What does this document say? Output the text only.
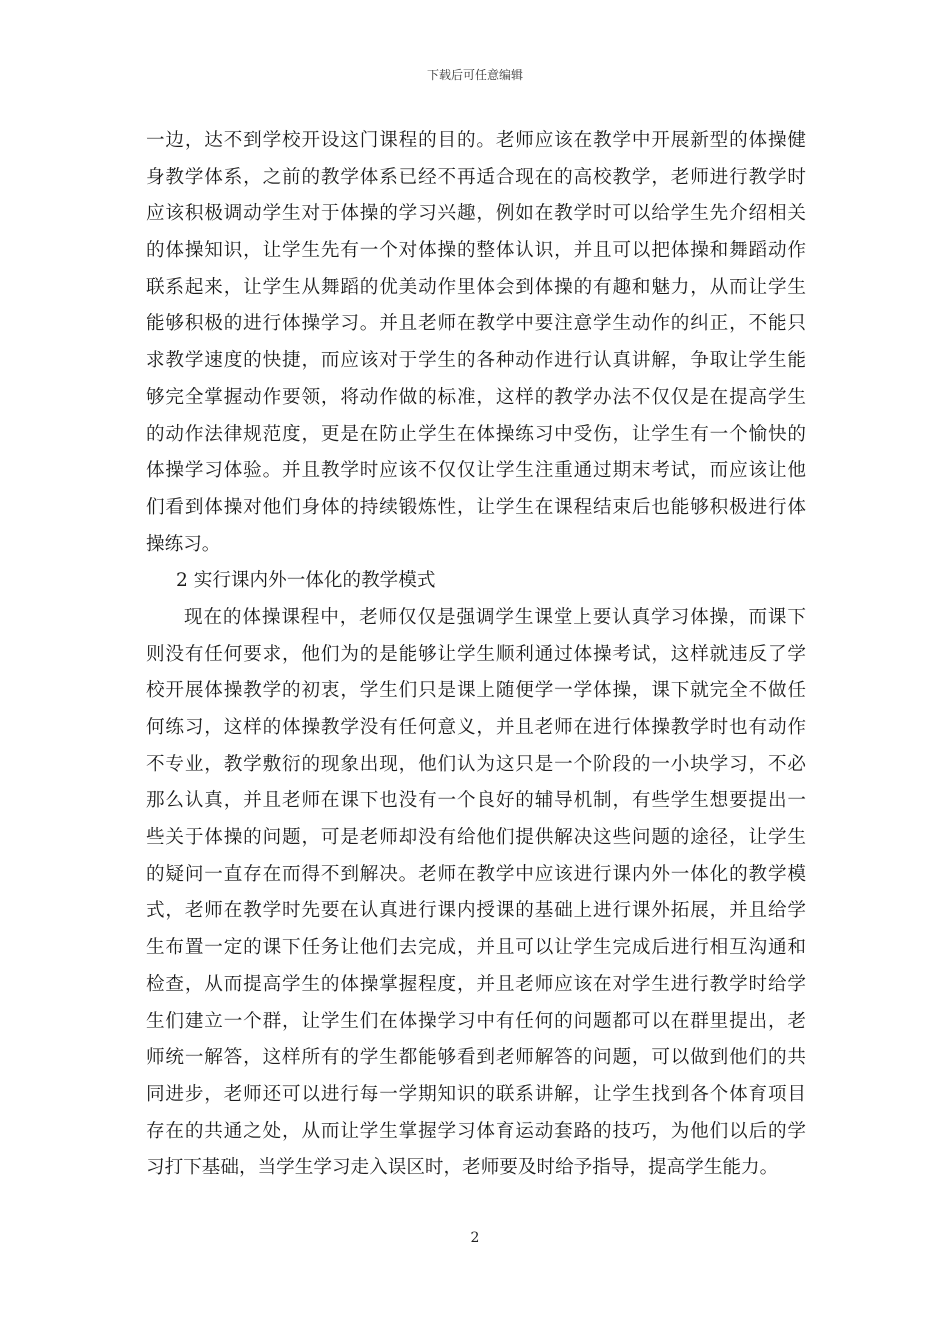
下载后可任意编辑
一边，达不到学校开设这门课程的目的。老师应该在教学中开展新型的体操健
身教学体系，之前的教学体系已经不再适合现在的高校教学，老师进行教学时
应该积极调动学生对于体操的学习兴趣，例如在教学时可以给学生先介绍相关
的体操知识，让学生先有一个对体操的整体认识，并且可以把体操和舞蹈动作
联系起来，让学生从舞蹈的优美动作里体会到体操的有趣和魅力，从而让学生
能够积极的进行体操学习。并且老师在教学中要注意学生动作的纠正，不能只
求教学速度的快捷，而应该对于学生的各种动作进行认真讲解，争取让学生能
够完全掌握动作要领，将动作做的标准，这样的教学办法不仅仅是在提高学生
的动作法律规范度，更是在防止学生在体操练习中受伤，让学生有一个愉快的
体操学习体验。并且教学时应该不仅仅让学生注重通过期末考试，而应该让他
们看到体操对他们身体的持续锻炼性，让学生在课程结束后也能够积极进行体
操练习。
2 实行课内外一体化的教学模式
现在的体操课程中，老师仅仅是强调学生课堂上要认真学习体操，而课下
则没有任何要求，他们为的是能够让学生顺利通过体操考试，这样就违反了学
校开展体操教学的初衷，学生们只是课上随便学一学体操，课下就完全不做任
何练习，这样的体操教学没有任何意义，并且老师在进行体操教学时也有动作
不专业，教学敷衍的现象出现，他们认为这只是一个阶段的一小块学习，不必
那么认真，并且老师在课下也没有一个良好的辅导机制，有些学生想要提出一
些关于体操的问题，可是老师却没有给他们提供解决这些问题的途径，让学生
的疑问一直存在而得不到解决。老师在教学中应该进行课内外一体化的教学模
式，老师在教学时先要在认真进行课内授课的基础上进行课外拓展，并且给学
生布置一定的课下任务让他们去完成，并且可以让学生完成后进行相互沟通和
检查，从而提高学生的体操掌握程度，并且老师应该在对学生进行教学时给学
生们建立一个群，让学生们在体操学习中有任何的问题都可以在群里提出，老
师统一解答，这样所有的学生都能够看到老师解答的问题，可以做到他们的共
同进步，老师还可以进行每一学期知识的联系讲解，让学生找到各个体育项目
存在的共通之处，从而让学生掌握学习体育运动套路的技巧，为他们以后的学
习打下基础，当学生学习走入误区时，老师要及时给予指导，提高学生能力。
2
